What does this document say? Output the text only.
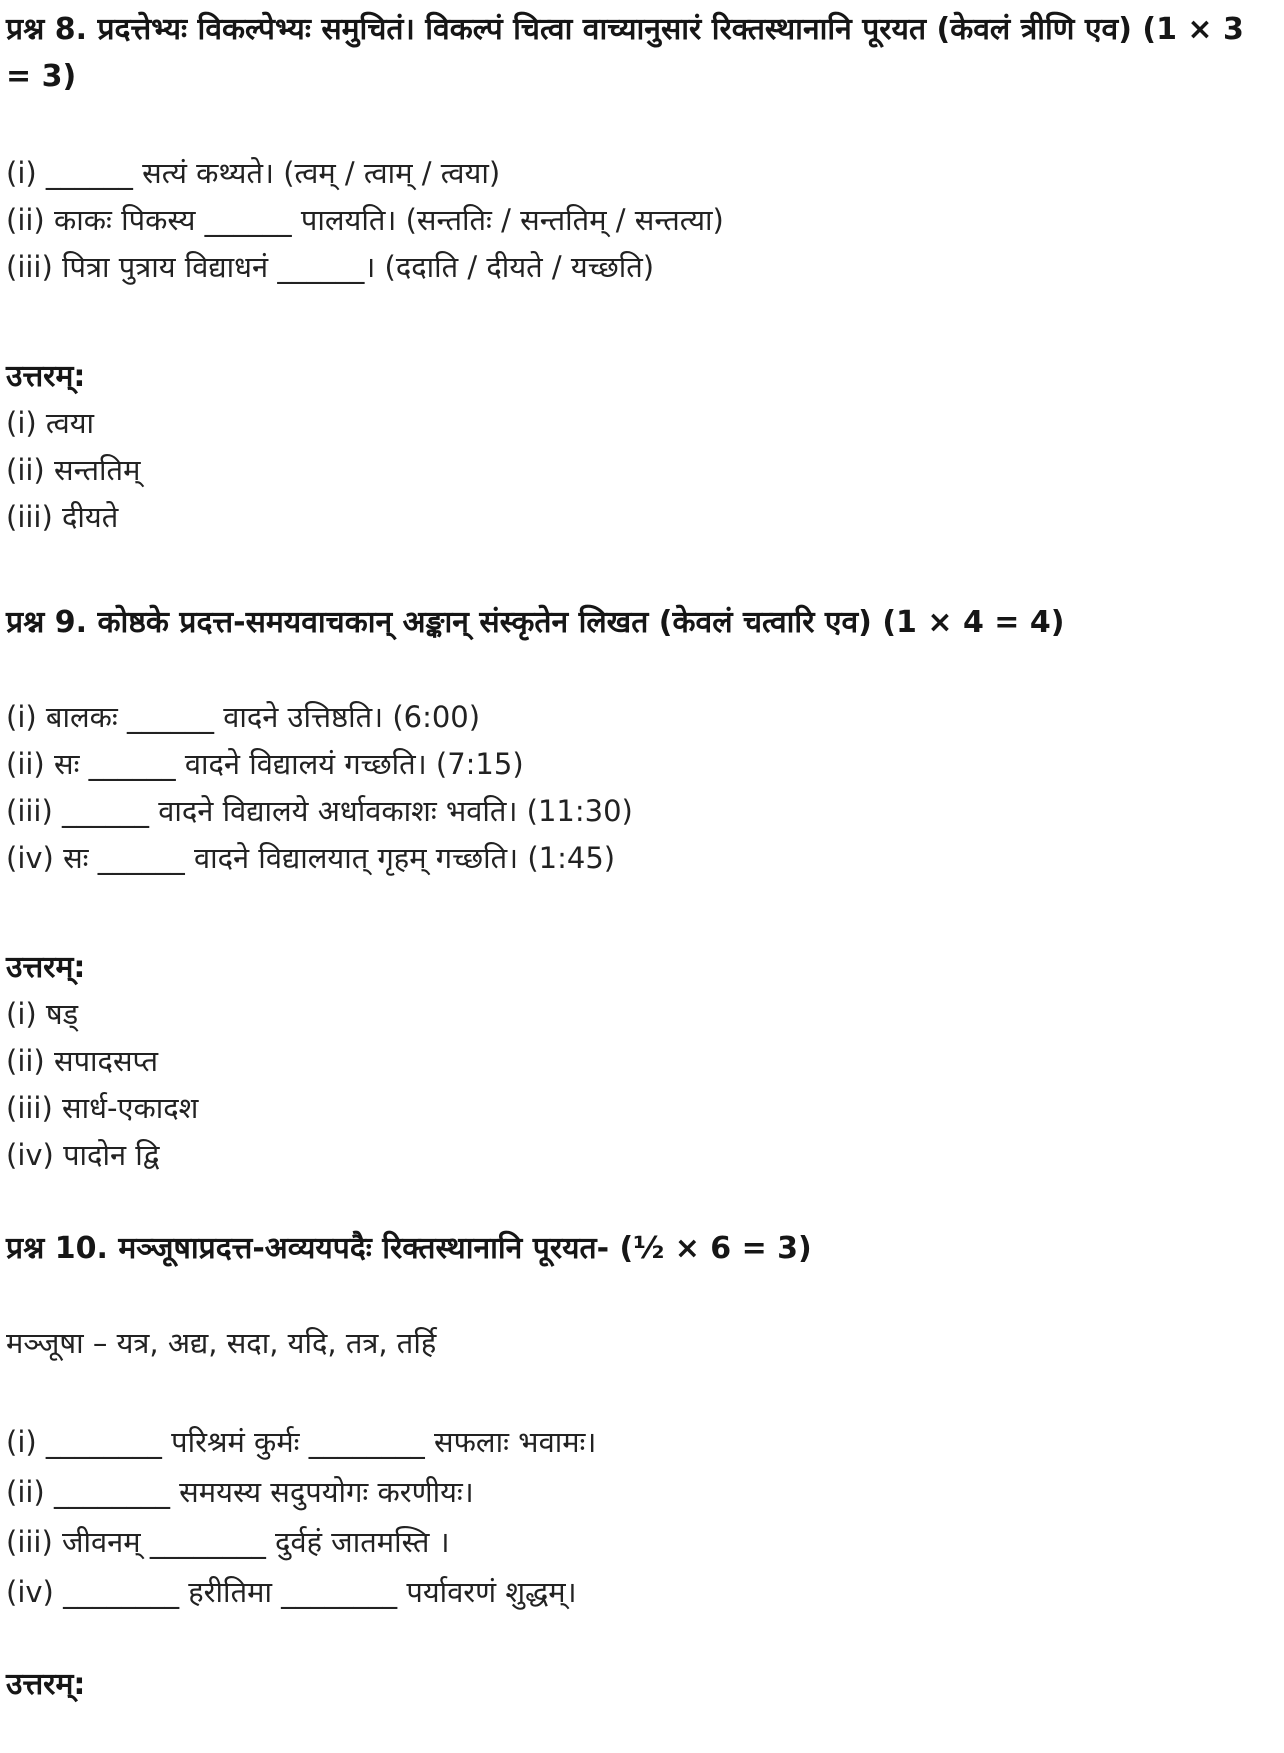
प्रश्न 8. प्रदत्तेभ्यः विकल्पेभ्यः समुचितं। विकल्पं चित्वा वाच्यानुसारं रिक्तस्थानानि पूरयत (केवलं त्रीणि एव) (1 × 3 = 3)
(i) ______ सत्यं कथ्यते। (त्वम् / त्वाम् / त्वया)
(ii) काकः पिकस्य ______ पालयति। (सन्ततिः / सन्ततिम् / सन्तत्या)
(iii) पित्रा पुत्राय विद्याधनं ______। (ददाति / दीयते / यच्छति)
उत्तरम्:
(i) त्वया
(ii) सन्ततिम्
(iii) दीयते
प्रश्न 9. कोष्ठके प्रदत्त-समयवाचकान् अङ्कान् संस्कृतेन लिखत (केवलं चत्वारि एव) (1 × 4 = 4)
(i) बालकः ______ वादने उत्तिष्ठति। (6:00)
(ii) सः ______ वादने विद्यालयं गच्छति। (7:15)
(iii) ______ वादने विद्यालये अर्धावकाशः भवति। (11:30)
(iv) सः ______ वादने विद्यालयात् गृहम् गच्छति। (1:45)
उत्तरम्:
(i) षड्
(ii) सपादसप्त
(iii) सार्ध-एकादश
(iv) पादोन द्वि
प्रश्न 10. मञ्जूषाप्रदत्त-अव्ययपदैः रिक्तस्थानानि पूरयत- (½ × 6 = 3)
मञ्जूषा – यत्र, अद्य, सदा, यदि, तत्र, तर्हि
(i) ________ परिश्रमं कुर्मः ________ सफलाः भवामः।
(ii) ________ समयस्य सदुपयोगः करणीयः।
(iii) जीवनम् ________ दुर्वहं जातमस्ति ।
(iv) ________ हरीतिमा ________ पर्यावरणं शुद्धम्।
उत्तरम्:
